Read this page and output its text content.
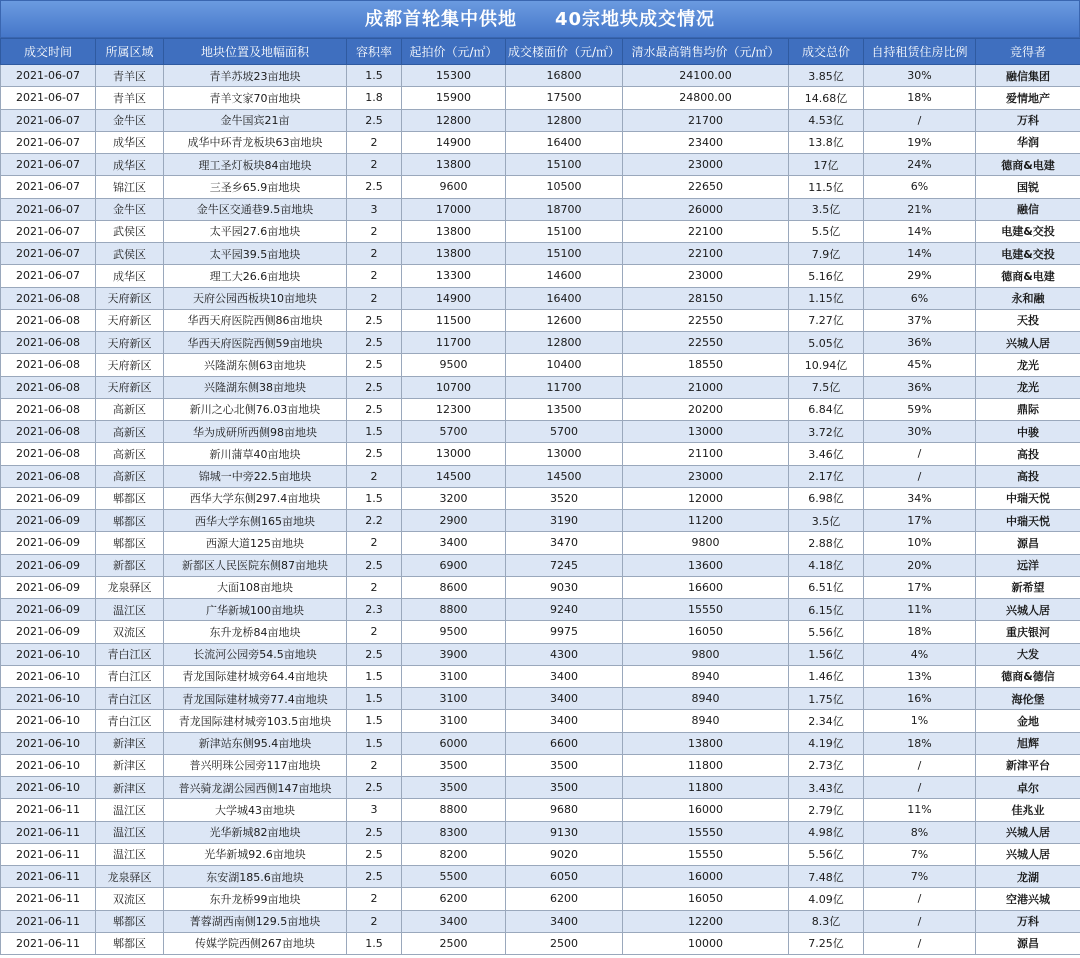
成都首轮集中供地　　40宗地块成交情况
成交时间	所属区域	地块位置及地幅面积	容积率	起拍价（元/㎡）	成交楼面价（元/㎡）	清水最高销售均价（元/㎡）	成交总价	自持租赁住房比例	竞得者
2021-06-07	青羊区	青羊苏坡23亩地块	1.5	15300	16800	24100.00	3.85亿	30%	融信集团
2021-06-07	青羊区	青羊文家70亩地块	1.8	15900	17500	24800.00	14.68亿	18%	爱情地产
2021-06-07	金牛区	金牛国宾21亩	2.5	12800	12800	21700	4.53亿	/	万科
2021-06-07	成华区	成华中环青龙板块63亩地块	2	14900	16400	23400	13.8亿	19%	华润
2021-06-07	成华区	理工圣灯板块84亩地块	2	13800	15100	23000	17亿	24%	德商&电建
2021-06-07	锦江区	三圣乡65.9亩地块	2.5	9600	10500	22650	11.5亿	6%	国锐
2021-06-07	金牛区	金牛区交通巷9.5亩地块	3	17000	18700	26000	3.5亿	21%	融信
2021-06-07	武侯区	太平园27.6亩地块	2	13800	15100	22100	5.5亿	14%	电建&交投
2021-06-07	武侯区	太平园39.5亩地块	2	13800	15100	22100	7.9亿	14%	电建&交投
2021-06-07	成华区	理工大26.6亩地块	2	13300	14600	23000	5.16亿	29%	德商&电建
2021-06-08	天府新区	天府公园西板块10亩地块	2	14900	16400	28150	1.15亿	6%	永和融
2021-06-08	天府新区	华西天府医院西侧86亩地块	2.5	11500	12600	22550	7.27亿	37%	天投
2021-06-08	天府新区	华西天府医院西侧59亩地块	2.5	11700	12800	22550	5.05亿	36%	兴城人居
2021-06-08	天府新区	兴隆湖东侧63亩地块	2.5	9500	10400	18550	10.94亿	45%	龙光
2021-06-08	天府新区	兴隆湖东侧38亩地块	2.5	10700	11700	21000	7.5亿	36%	龙光
2021-06-08	高新区	新川之心北侧76.03亩地块	2.5	12300	13500	20200	6.84亿	59%	鼎际
2021-06-08	高新区	华为成研所西侧98亩地块	1.5	5700	5700	13000	3.72亿	30%	中骏
2021-06-08	高新区	新川蒲草40亩地块	2.5	13000	13000	21100	3.46亿	/	高投
2021-06-08	高新区	锦城一中旁22.5亩地块	2	14500	14500	23000	2.17亿	/	高投
2021-06-09	郫都区	西华大学东侧297.4亩地块	1.5	3200	3520	12000	6.98亿	34%	中瑞天悦
2021-06-09	郫都区	西华大学东侧165亩地块	2.2	2900	3190	11200	3.5亿	17%	中瑞天悦
2021-06-09	郫都区	西源大道125亩地块	2	3400	3470	9800	2.88亿	10%	源昌
2021-06-09	新都区	新都区人民医院东侧87亩地块	2.5	6900	7245	13600	4.18亿	20%	远洋
2021-06-09	龙泉驿区	大面108亩地块	2	8600	9030	16600	6.51亿	17%	新希望
2021-06-09	温江区	广华新城100亩地块	2.3	8800	9240	15550	6.15亿	11%	兴城人居
2021-06-09	双流区	东升龙桥84亩地块	2	9500	9975	16050	5.56亿	18%	重庆银河
2021-06-10	青白江区	长流河公园旁54.5亩地块	2.5	3900	4300	9800	1.56亿	4%	大发
2021-06-10	青白江区	青龙国际建材城旁64.4亩地块	1.5	3100	3400	8940	1.46亿	13%	德商&德信
2021-06-10	青白江区	青龙国际建材城旁77.4亩地块	1.5	3100	3400	8940	1.75亿	16%	海伦堡
2021-06-10	青白江区	青龙国际建材城旁103.5亩地块	1.5	3100	3400	8940	2.34亿	1%	金地
2021-06-10	新津区	新津站东侧95.4亩地块	1.5	6000	6600	13800	4.19亿	18%	旭辉
2021-06-10	新津区	普兴明珠公园旁117亩地块	2	3500	3500	11800	2.73亿	/	新津平台
2021-06-10	新津区	普兴骑龙湖公园西侧147亩地块	2.5	3500	3500	11800	3.43亿	/	卓尔
2021-06-11	温江区	大学城43亩地块	3	8800	9680	16000	2.79亿	11%	佳兆业
2021-06-11	温江区	光华新城82亩地块	2.5	8300	9130	15550	4.98亿	8%	兴城人居
2021-06-11	温江区	光华新城92.6亩地块	2.5	8200	9020	15550	5.56亿	7%	兴城人居
2021-06-11	龙泉驿区	东安湖185.6亩地块	2.5	5500	6050	16000	7.48亿	7%	龙湖
2021-06-11	双流区	东升龙桥99亩地块	2	6200	6200	16050	4.09亿	/	空港兴城
2021-06-11	郫都区	菁蓉湖西南侧129.5亩地块	2	3400	3400	12200	8.3亿	/	万科
2021-06-11	郫都区	传媒学院西侧267亩地块	1.5	2500	2500	10000	7.25亿	/	源昌
